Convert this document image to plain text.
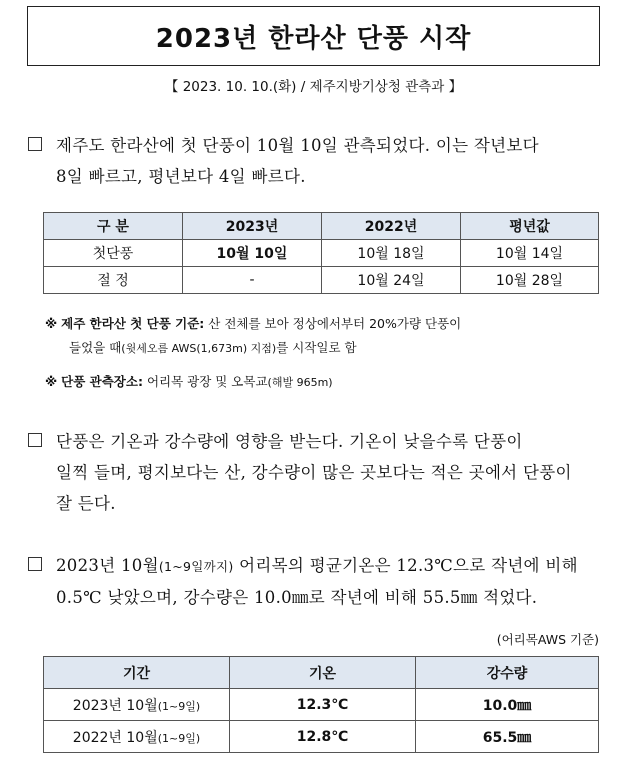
2023년 한라산 단풍 시작
【 2023. 10. 10.(화) / 제주지방기상청 관측과 】
제주도 한라산에 첫 단풍이 10월 10일 관측되었다. 이는 작년보다
8일 빠르고, 평년보다 4일 빠르다.
구 분	2023년	2022년	평년값
첫단풍	10월 10일	10월 18일	10월 14일
절 정	-	10월 24일	10월 28일
※ 제주 한라산 첫 단풍 기준: 산 전체를 보아 정상에서부터 20%가량 단풍이
들었을 때(윗세오름 AWS(1,673m) 지점)를 시작일로 함
※ 단풍 관측장소: 어리목 광장 및 오목교(해발 965m)
단풍은 기온과 강수량에 영향을 받는다. 기온이 낮을수록 단풍이
일찍 들며, 평지보다는 산, 강수량이 많은 곳보다는 적은 곳에서 단풍이
잘 든다.
2023년 10월(1~9일까지) 어리목의 평균기온은 12.3℃으로 작년에 비해
0.5℃ 낮았으며, 강수량은 10.0㎜로 작년에 비해 55.5㎜ 적었다.
(어리목AWS 기준)
기간	기온	강수량
2023년 10월(1~9일)	12.3℃	10.0㎜
2022년 10월(1~9일)	12.8℃	65.5㎜
